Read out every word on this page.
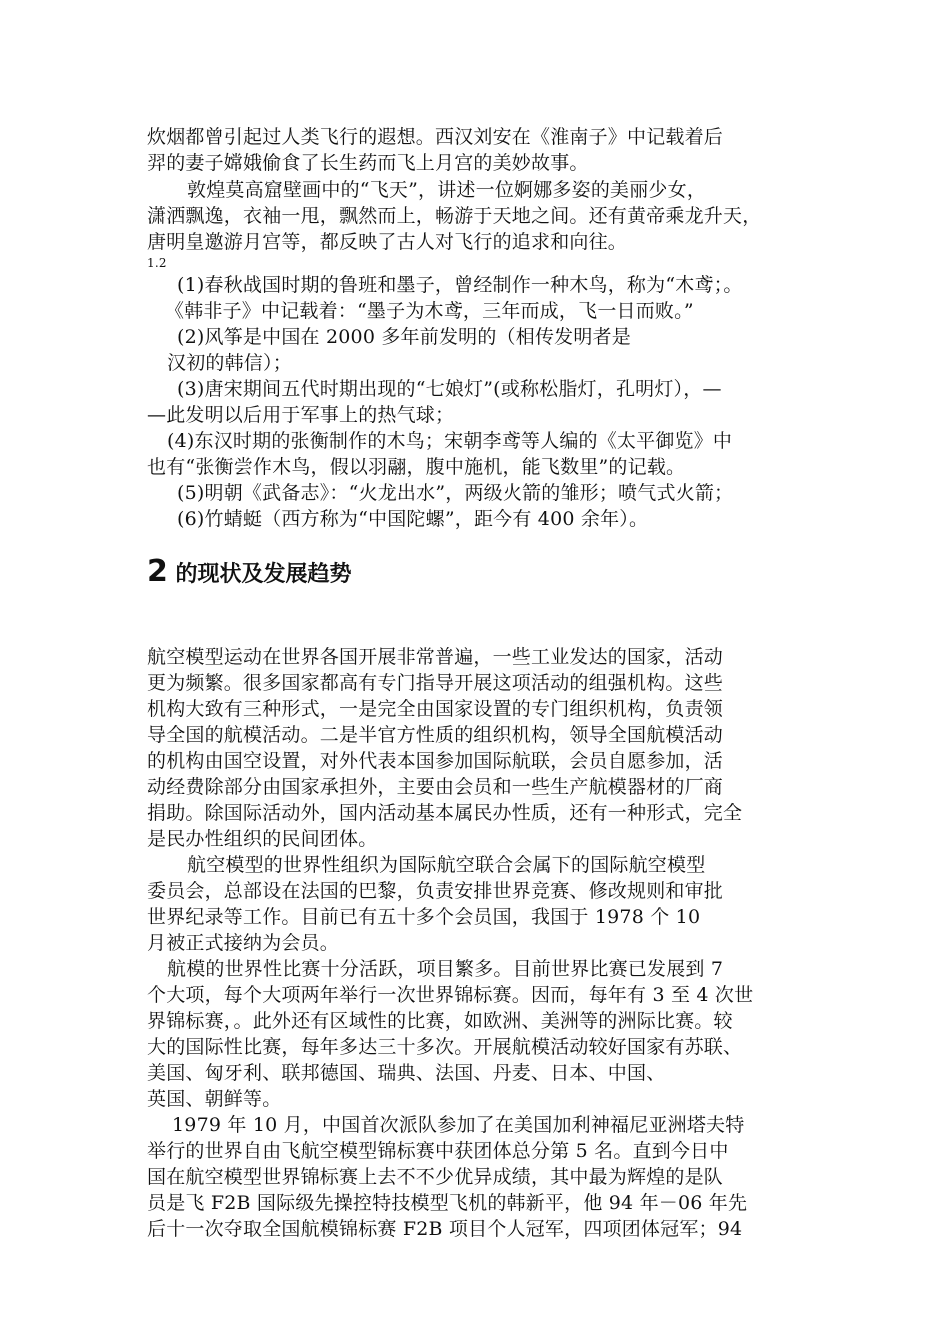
炊烟都曾引起过人类飞行的遐想。西汉刘安在《淮南子》中记载着后
羿的妻子嫦娥偷食了长生药而飞上月宫的美妙故事。
敦煌莫高窟壁画中的“飞天”，讲述一位婀娜多姿的美丽少女，
潇洒飘逸，衣袖一甩，飘然而上，畅游于天地之间。还有黄帝乘龙升天，
唐明皇邀游月宫等，都反映了古人对飞行的追求和向往。
1.2
(1)春秋战国时期的鲁班和墨子，曾经制作一种木鸟，称为“木鸢；。
《韩非子》中记载着：“墨子为木鸢，三年而成，飞一日而败。”
(2)风筝是中国在 2000 多年前发明的（相传发明者是
汉初的韩信）；
(3)唐宋期间五代时期出现的“七娘灯”(或称松脂灯，孔明灯），—
—此发明以后用于军事上的热气球；
(4)东汉时期的张衡制作的木鸟；宋朝李鸢等人编的《太平御览》中
也有“张衡尝作木鸟，假以羽翮，腹中施机，能飞数里”的记载。
(5)明朝《武备志》：“火龙出水”，两级火箭的雏形；喷气式火箭；
(6)竹蜻蜓（西方称为“中国陀螺”，距今有 400 余年）。
2 的现状及发展趋势
航空模型运动在世界各国开展非常普遍，一些工业发达的国家，活动
更为频繁。很多国家都高有专门指导开展这项活动的组强机构。这些
机构大致有三种形式，一是完全由国家设置的专门组织机构，负责领
导全国的航模活动。二是半官方性质的组织机构，领导全国航模活动
的机构由国空设置，对外代表本国参加国际航联，会员自愿参加，活
动经费除部分由国家承担外，主要由会员和一些生产航模器材的厂商
捐助。除国际活动外，国内活动基本属民办性质，还有一种形式，完全
是民办性组织的民间团体。
航空模型的世界性组织为国际航空联合会属下的国际航空模型
委员会，总部设在法国的巴黎，负责安排世界竞赛、修改规则和审批
世界纪录等工作。目前已有五十多个会员国，我国于 1978 个 10
月被正式接纳为会员。
航模的世界性比赛十分活跃，项目繁多。目前世界比赛已发展到 7
个大项，每个大项两年举行一次世界锦标赛。因而，每年有 3 至 4 次世
界锦标赛，。此外还有区域性的比赛，如欧洲、美洲等的洲际比赛。较
大的国际性比赛，每年多达三十多次。开展航模活动较好国家有苏联、
美国、匈牙利、联邦德国、瑞典、法国、丹麦、日本、中国、
英国、朝鲜等。
1979 年 10 月，中国首次派队参加了在美国加利神福尼亚洲塔夫特
举行的世界自由飞航空模型锦标赛中获团体总分第 5 名。直到今日中
国在航空模型世界锦标赛上去不不少优异成绩，其中最为辉煌的是队
员是飞 F2B 国际级先操控特技模型飞机的韩新平，他 94 年－06 年先
后十一次夺取全国航模锦标赛 F2B 项目个人冠军，四项团体冠军；94
